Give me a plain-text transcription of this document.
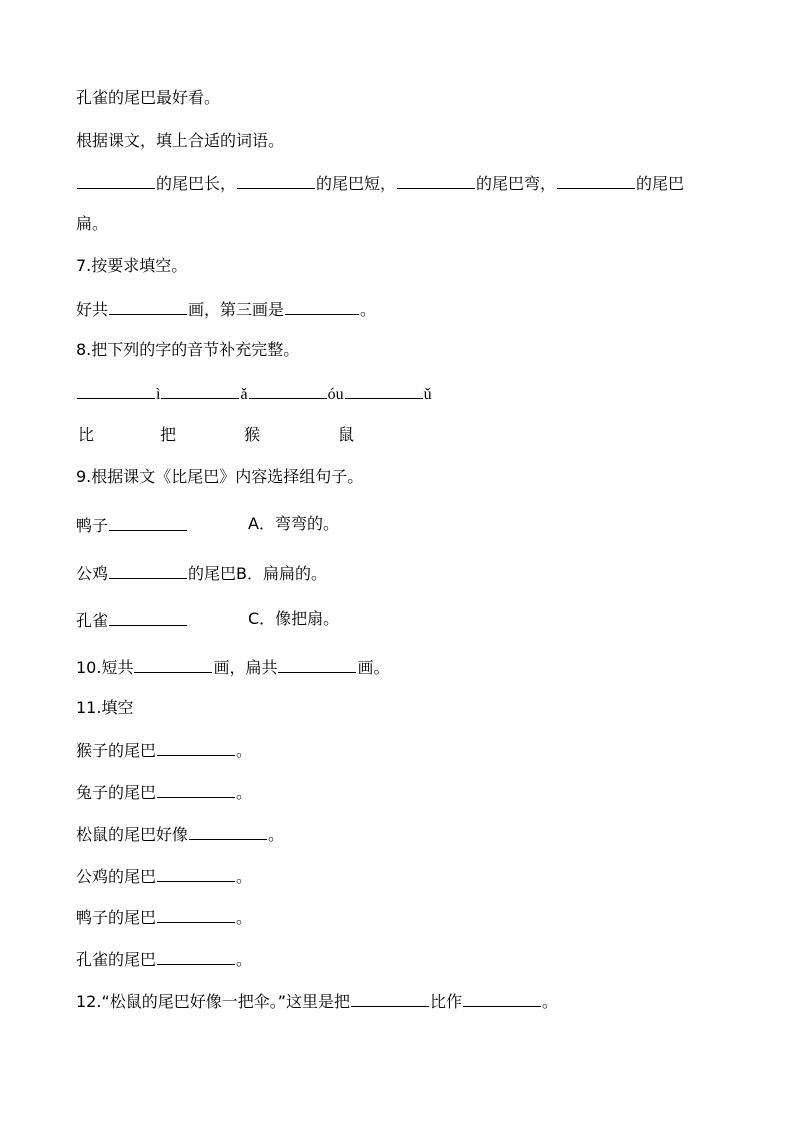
孔雀的尾巴最好看。
根据课文，填上合适的词语。
的尾巴长，	的尾巴短，	的尾巴弯，	的尾巴
扁。
7.按要求填空。
好共	画，第三画是	。
8.把下列的字的音节补充完整。
ì	ǎ	óu	ǔ
比	把	猴	鼠
9.根据课文《比尾巴》内容选择组句子。
鸭子	A．弯弯的。
公鸡	的尾巴B．扁扁的。
孔雀	C．像把扇。
10.短共	画，扁共	画。
11.填空
猴子的尾巴	。
兔子的尾巴	。
松鼠的尾巴好像	。
公鸡的尾巴	。
鸭子的尾巴	。
孔雀的尾巴	。
12.“松鼠的尾巴好像一把伞。”这里是把	比作	。
